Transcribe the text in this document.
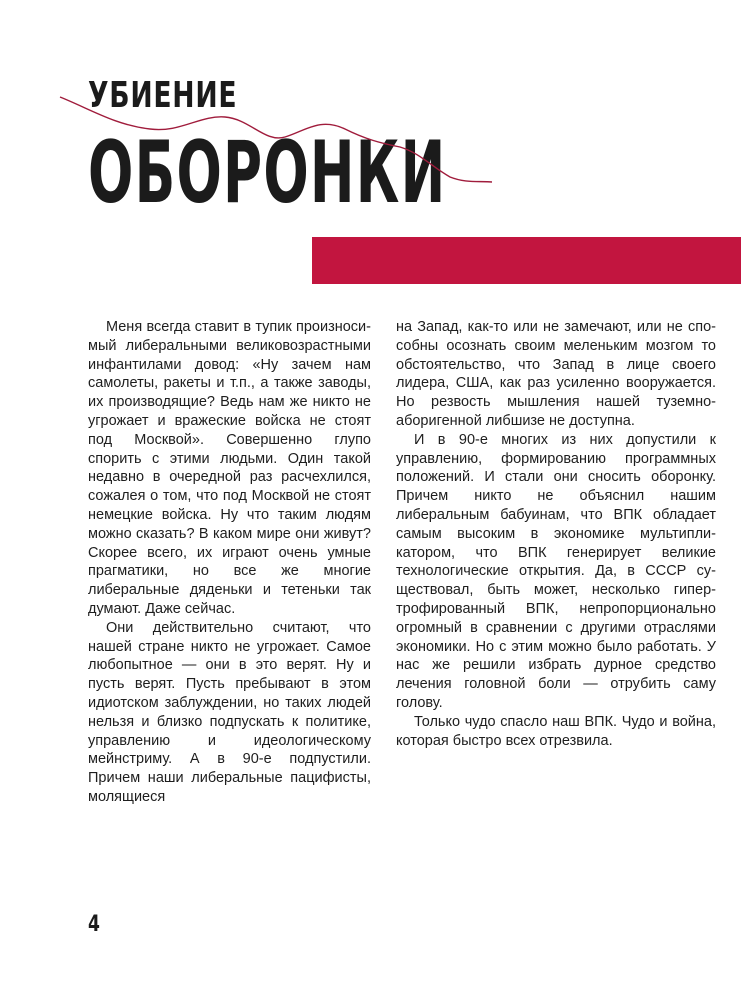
УБИЕНИЕ
ОБОРОНКИ

Меня всегда ставит в тупик произносимый либеральными великовозрастными инфантилами довод: «Ну зачем нам самолеты, ракеты и т.п., а также заводы, их производящие? Ведь нам же никто не угрожает и вражеские войска не стоят под Москвой». Совершенно глупо спорить с этими людьми. Один такой недавно в очередной раз расчехлился, сожалея о том, что под Москвой не стоят немецкие войска. Ну что таким людям можно сказать? В каком мире они живут? Скорее всего, их играют очень умные прагматики, но все же многие либеральные дяденьки и тетеньки так думают. Даже сейчас.

Они действительно считают, что нашей стране никто не угрожает. Самое любопытное — они в это верят. Ну и пусть верят. Пусть пребывают в этом идиотском заблуждении, но таких людей нельзя и близко подпускать к политике, управлению и идеологическому мейнстриму. А в 90-е подпустили. Причем наши либеральные пацифисты, молящиеся

на Запад, как-то или не замечают, или не способны осознать своим меленьким мозгом то обстоятельство, что Запад в лице своего лидера, США, как раз усиленно вооружается. Но резвость мышления нашей туземноаборигенной либшизе не доступна.

И в 90-е многих из них допустили к управлению, формированию программных положений. И стали они сносить оборонку. Причем никто не объяснил нашим либеральным бабуинам, что ВПК обладает самым высоким в экономике мультипликатором, что ВПК генерирует великие технологические открытия. Да, в СССР существовал, быть может, несколько гипертрофированный ВПК, непропорционально огромный в сравнении с другими отраслями экономики. Но с этим можно было работать. У нас же решили избрать дурное средство лечения головной боли — отрубить саму голову.

Только чудо спасло наш ВПК. Чудо и война, которая быстро всех отрезвила.

4
